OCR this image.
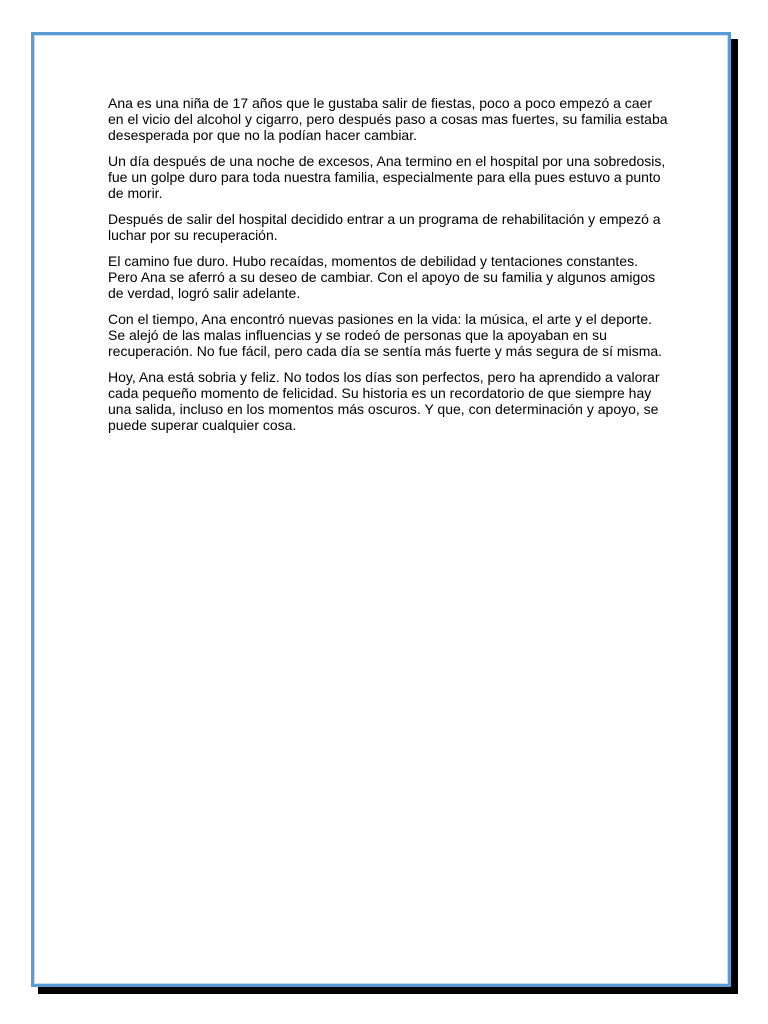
Ana es una niña de 17 años que le gustaba salir de fiestas, poco a poco empezó a caer en el vicio del alcohol y cigarro, pero después paso a cosas mas fuertes, su familia estaba desesperada por que no la podían hacer cambiar.

Un día después de una noche de excesos, Ana termino en el hospital por una sobredosis, fue un golpe duro para toda nuestra familia, especialmente para ella pues estuvo a punto de morir.

Después de salir del hospital decidido entrar a un programa de rehabilitación y empezó a luchar por su recuperación.

El camino fue duro. Hubo recaídas, momentos de debilidad y tentaciones constantes. Pero Ana se aferró a su deseo de cambiar. Con el apoyo de su familia y algunos amigos de verdad, logró salir adelante.

Con el tiempo, Ana encontró nuevas pasiones en la vida: la música, el arte y el deporte. Se alejó de las malas influencias y se rodeó de personas que la apoyaban en su recuperación. No fue fácil, pero cada día se sentía más fuerte y más segura de sí misma.

Hoy, Ana está sobria y feliz. No todos los días son perfectos, pero ha aprendido a valorar cada pequeño momento de felicidad. Su historia es un recordatorio de que siempre hay una salida, incluso en los momentos más oscuros. Y que, con determinación y apoyo, se puede superar cualquier cosa.
